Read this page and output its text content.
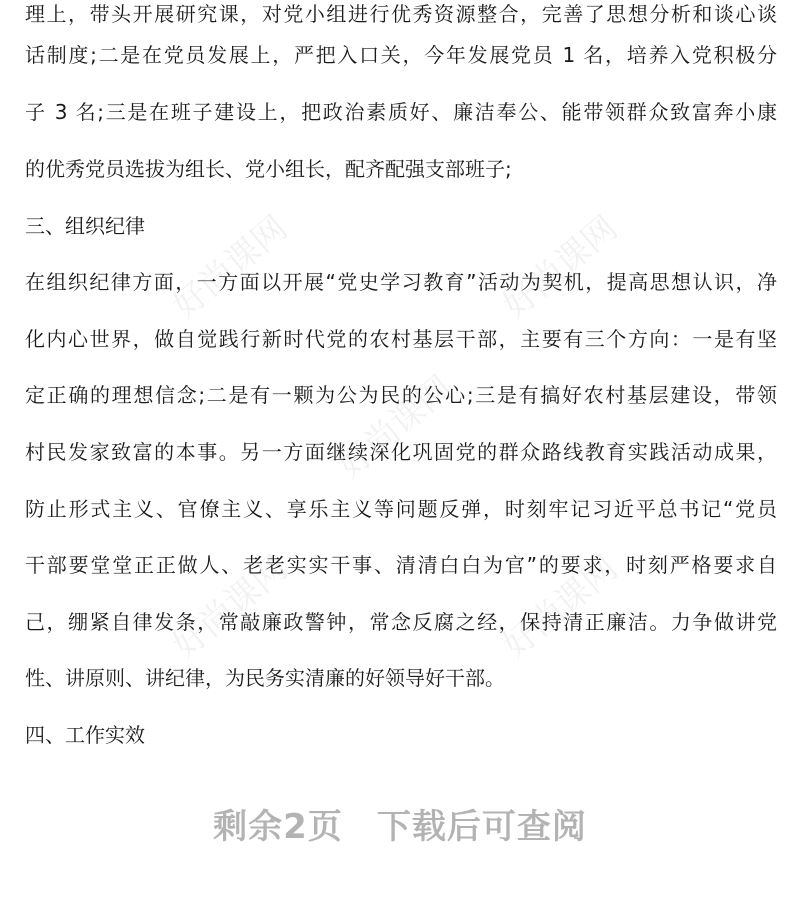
理上，带头开展研究课，对党小组进行优秀资源整合，完善了思想分析和谈心谈
话制度;二是在党员发展上，严把入口关，今年发展党员 1 名，培养入党积极分
子 3 名;三是在班子建设上，把政治素质好、廉洁奉公、能带领群众致富奔小康
的优秀党员选拔为组长、党小组长，配齐配强支部班子;
三、组织纪律
在组织纪律方面，一方面以开展“党史学习教育”活动为契机，提高思想认识，净
化内心世界，做自觉践行新时代党的农村基层干部，主要有三个方向：一是有坚
定正确的理想信念;二是有一颗为公为民的公心;三是有搞好农村基层建设，带领
村民发家致富的本事。另一方面继续深化巩固党的群众路线教育实践活动成果，
防止形式主义、官僚主义、享乐主义等问题反弹，时刻牢记习近平总书记“党员
干部要堂堂正正做人、老老实实干事、清清白白为官”的要求，时刻严格要求自
己，绷紧自律发条，常敲廉政警钟，常念反腐之经，保持清正廉洁。力争做讲党
性、讲原则、讲纪律，为民务实清廉的好领导好干部。
四、工作实效
好尚课网	好尚课网
好尚课网
好尚课网	好尚课网
剩余2页 下载后可查阅
